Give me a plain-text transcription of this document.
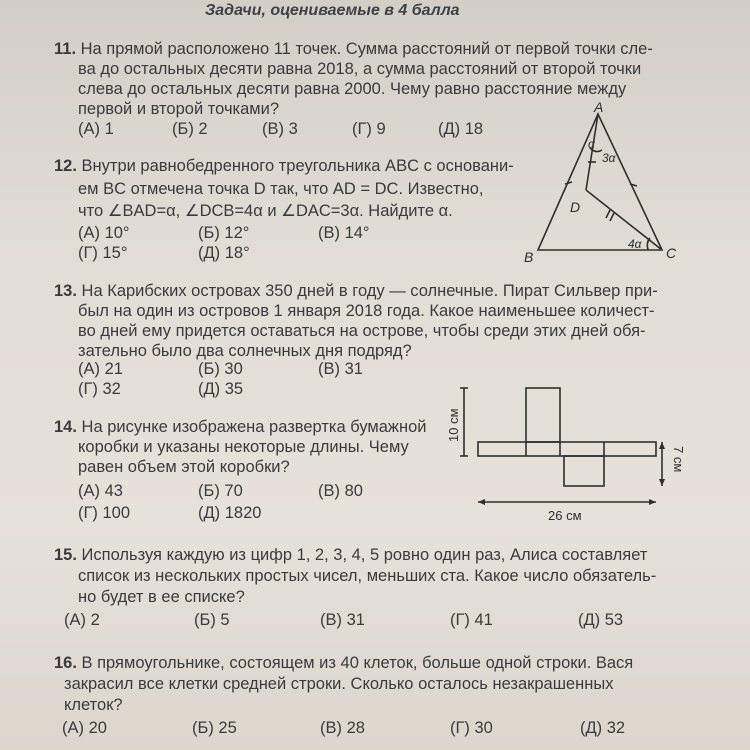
Задачи, оцениваемые в 4 балла
11. На прямой расположено 11 точек. Сумма расстояний от первой точки сле-
ва до остальных десяти равна 2018, а сумма расстояний от второй точки
слева до остальных десяти равна 2000. Чему равно расстояние между
первой и второй точками?
(А) 1	(Б) 2	(В) 3	(Г) 9	(Д) 18
12. Внутри равнобедренного треугольника ABC с основани-
ем BC отмечена точка D так, что AD = DC. Известно,
что ∠BAD=α, ∠DCB=4α и ∠DAC=3α. Найдите α.
(А) 10°	(Б) 12°	(В) 14°
(Г) 15°	(Д) 18°
A
B	C
D
α
3α
4α
13. На Карибских островах 350 дней в году — солнечные. Пират Сильвер при-
был на один из островов 1 января 2018 года. Какое наименьшее количест-
во дней ему придется оставаться на острове, чтобы среди этих дней обя-
зательно было два солнечных дня подряд?
(А) 21	(Б) 30	(В) 31
(Г) 32	(Д) 35
14. На рисунке изображена развертка бумажной
коробки и указаны некоторые длины. Чему
равен объем этой коробки?
(А) 43	(Б) 70	(В) 80
(Г) 100	(Д) 1820
10 см
26 см
7 см
15. Используя каждую из цифр 1, 2, 3, 4, 5 ровно один раз, Алиса составляет
список из нескольких простых чисел, меньших ста. Какое число обязатель-
но будет в ее списке?
(А) 2	(Б) 5	(В) 31	(Г) 41	(Д) 53
16. В прямоугольнике, состоящем из 40 клеток, больше одной строки. Вася
закрасил все клетки средней строки. Сколько осталось незакрашенных
клеток?
(А) 20	(Б) 25	(В) 28	(Г) 30	(Д) 32
